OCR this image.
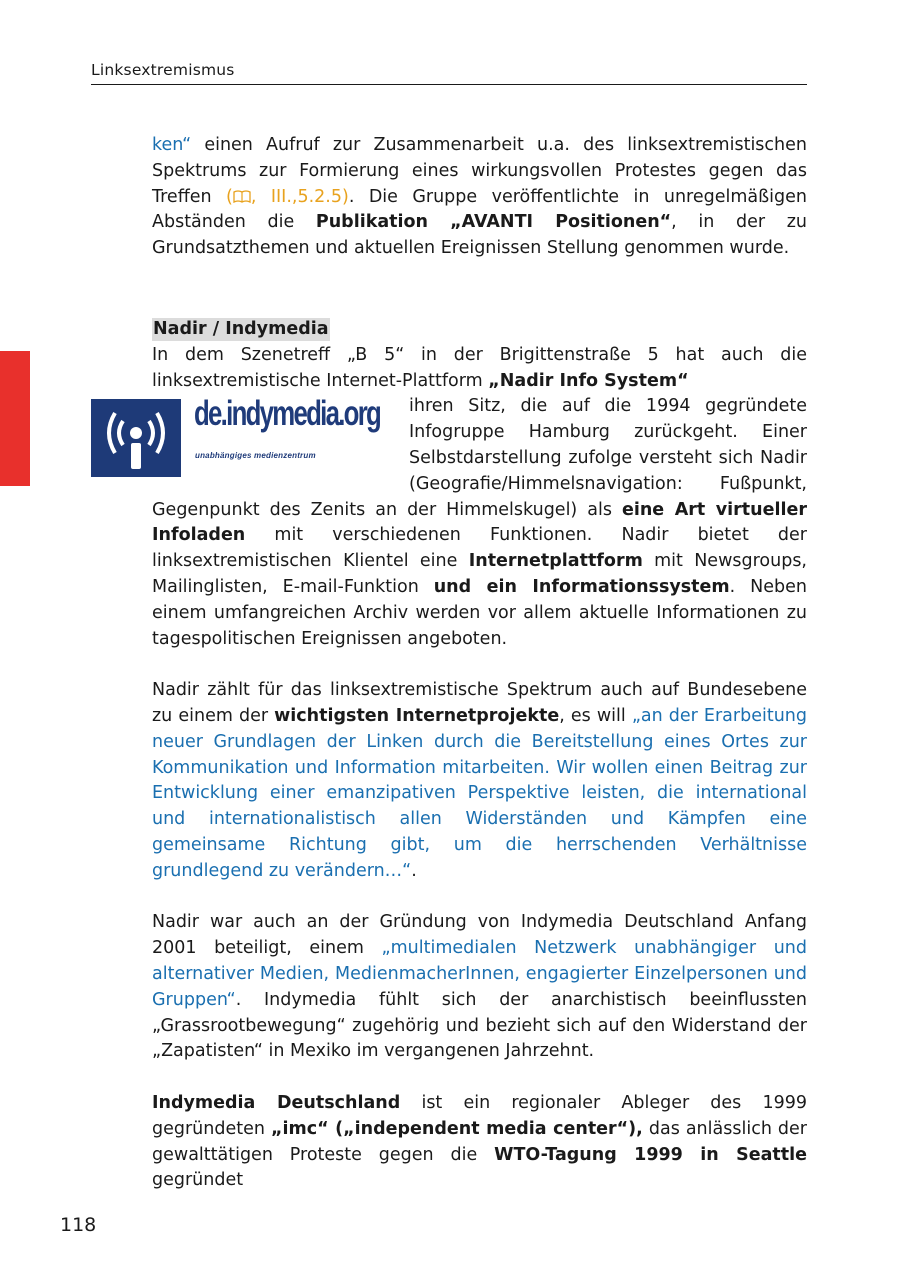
Linksextremismus

ken“ einen Aufruf zur Zusammenarbeit u.a. des linksextremistischen Spektrums zur Formierung eines wirkungsvollen Protestes gegen das Treffen ( , III.,5.2.5). Die Gruppe veröffentlichte in unregelmäßigen Abständen die Publikation „AVANTI Positionen“, in der zu Grundsatzthemen und aktuellen Ereignissen Stellung genommen wurde.

Nadir / Indymedia

In dem Szenetreff „B 5“ in der Brigittenstraße 5 hat auch die linksextremistische Internet-Plattform „Nadir Info System“

de.indymedia.org
unabhängiges medienzentrum
ihren Sitz, die auf die 1994 gegründete Infogruppe Hamburg zurückgeht. Einer Selbstdarstellung zufolge versteht sich Nadir (Geografie/Himmelsnavigation: Fußpunkt, Gegenpunkt des Zenits an der Himmelskugel) als eine Art virtueller Infoladen mit verschiedenen Funktionen. Nadir bietet der linksextremistischen Klientel eine Internetplattform mit Newsgroups, Mailinglisten, E-mail-Funktion und ein Informationssystem. Neben einem umfangreichen Archiv werden vor allem aktuelle Informationen zu tagespolitischen Ereignissen angeboten.

Nadir zählt für das linksextremistische Spektrum auch auf Bundesebene zu einem der wichtigsten Internetprojekte, es will „an der Erarbeitung neuer Grundlagen der Linken durch die Bereitstellung eines Ortes zur Kommunikation und Information mitarbeiten. Wir wollen einen Beitrag zur Entwicklung einer emanzipativen Perspektive leisten, die international und internationalistisch allen Widerständen und Kämpfen eine gemeinsame Richtung gibt, um die herrschenden Verhältnisse grundlegend zu verändern…“.

Nadir war auch an der Gründung von Indymedia Deutschland Anfang 2001 beteiligt, einem „multimedialen Netzwerk unabhängiger und alternativer Medien, MedienmacherInnen, engagierter Einzelpersonen und Gruppen“. Indymedia fühlt sich der anarchistisch beeinflussten „Grassrootbewegung“ zugehörig und bezieht sich auf den Widerstand der „Zapatisten“ in Mexiko im vergangenen Jahrzehnt.

Indymedia Deutschland ist ein regionaler Ableger des 1999 gegründeten „imc“ („independent media center“), das anlässlich der gewalttätigen Proteste gegen die WTO-Tagung 1999 in Seattle gegründet

118
